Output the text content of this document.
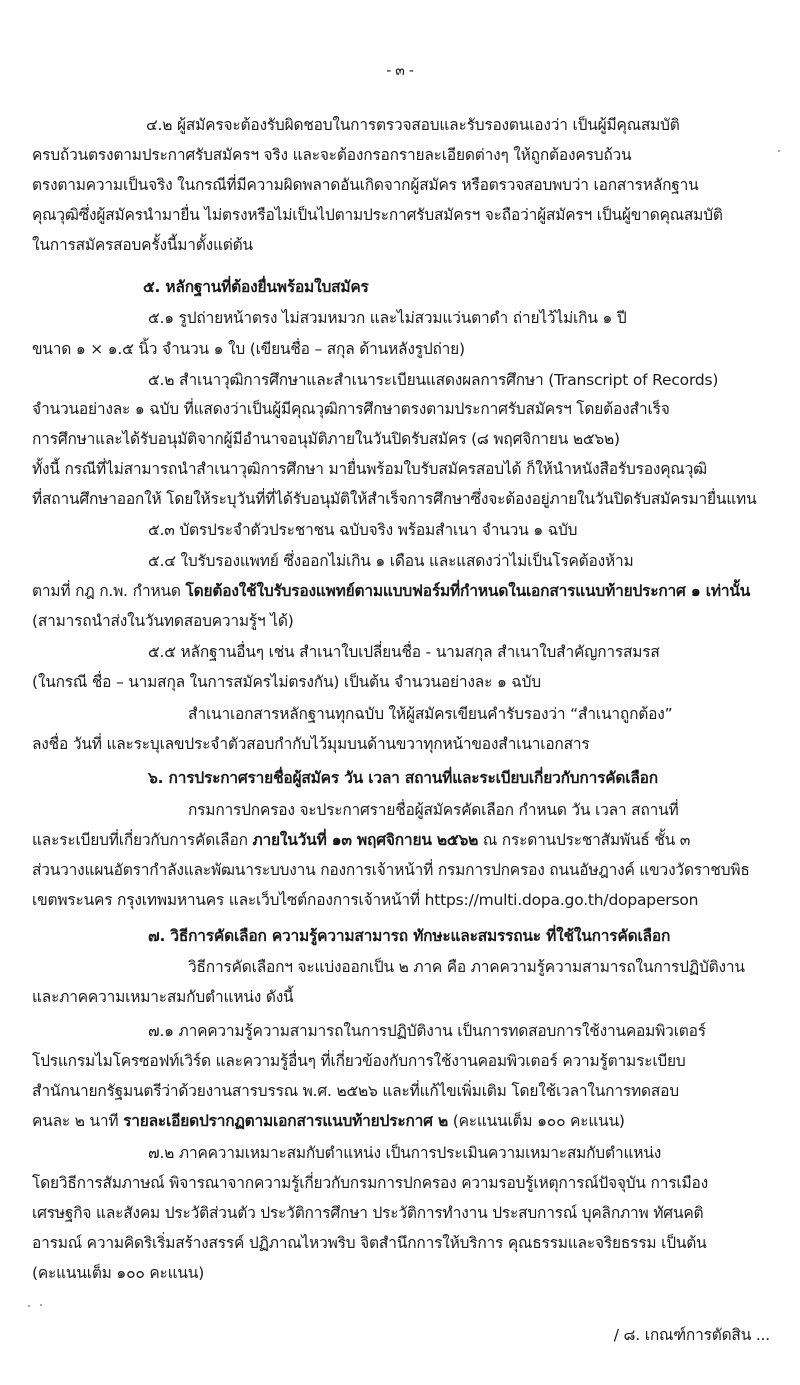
- ๓ -
๔.๒ ผู้สมัครจะต้องรับผิดชอบในการตรวจสอบและรับรองตนเองว่า เป็นผู้มีคุณสมบัติ
ครบถ้วนตรงตามประกาศรับสมัครฯ จริง และจะต้องกรอกรายละเอียดต่างๆ ให้ถูกต้องครบถ้วน
ตรงตามความเป็นจริง ในกรณีที่มีความผิดพลาดอันเกิดจากผู้สมัคร หรือตรวจสอบพบว่า เอกสารหลักฐาน
คุณวุฒิซึ่งผู้สมัครนำมายื่น ไม่ตรงหรือไม่เป็นไปตามประกาศรับสมัครฯ จะถือว่าผู้สมัครฯ เป็นผู้ขาดคุณสมบัติ
ในการสมัครสอบครั้งนี้มาตั้งแต่ต้น
๕. หลักฐานที่ต้องยื่นพร้อมใบสมัคร
๕.๑ รูปถ่ายหน้าตรง ไม่สวมหมวก และไม่สวมแว่นตาดำ ถ่ายไว้ไม่เกิน ๑ ปี
ขนาด ๑ × ๑.๕ นิ้ว จำนวน ๑ ใบ (เขียนชื่อ – สกุล ด้านหลังรูปถ่าย)
๕.๒ สำเนาวุฒิการศึกษาและสำเนาระเบียนแสดงผลการศึกษา (Transcript of Records)
จำนวนอย่างละ ๑ ฉบับ ที่แสดงว่าเป็นผู้มีคุณวุฒิการศึกษาตรงตามประกาศรับสมัครฯ โดยต้องสำเร็จ
การศึกษาและได้รับอนุมัติจากผู้มีอำนาจอนุมัติภายในวันปิดรับสมัคร (๘ พฤศจิกายน ๒๕๖๒)
ทั้งนี้ กรณีที่ไม่สามารถนำสำเนาวุฒิการศึกษา มายื่นพร้อมใบรับสมัครสอบได้ ก็ให้นำหนังสือรับรองคุณวุฒิ
ที่สถานศึกษาออกให้ โดยให้ระบุวันที่ที่ได้รับอนุมัติให้สำเร็จการศึกษาซึ่งจะต้องอยู่ภายในวันปิดรับสมัครมายื่นแทน
๕.๓ บัตรประจำตัวประชาชน ฉบับจริง พร้อมสำเนา จำนวน ๑ ฉบับ
๕.๔ ใบรับรองแพทย์ ซึ่งออกไม่เกิน ๑ เดือน และแสดงว่าไม่เป็นโรคต้องห้าม
ตามที่ กฎ ก.พ. กำหนด โดยต้องใช้ใบรับรองแพทย์ตามแบบฟอร์มที่กำหนดในเอกสารแนบท้ายประกาศ ๑ เท่านั้น
(สามารถนำส่งในวันทดสอบความรู้ฯ ได้)
๕.๕ หลักฐานอื่นๆ เช่น สำเนาใบเปลี่ยนชื่อ - นามสกุล สำเนาใบสำคัญการสมรส
(ในกรณี ชื่อ – นามสกุล ในการสมัครไม่ตรงกัน) เป็นต้น จำนวนอย่างละ ๑ ฉบับ
สำเนาเอกสารหลักฐานทุกฉบับ ให้ผู้สมัครเขียนคำรับรองว่า “สำเนาถูกต้อง”
ลงชื่อ วันที่ และระบุเลขประจำตัวสอบกำกับไว้มุมบนด้านขวาทุกหน้าของสำเนาเอกสาร
๖. การประกาศรายชื่อผู้สมัคร วัน เวลา สถานที่และระเบียบเกี่ยวกับการคัดเลือก
กรมการปกครอง จะประกาศรายชื่อผู้สมัครคัดเลือก กำหนด วัน เวลา สถานที่
และระเบียบที่เกี่ยวกับการคัดเลือก ภายในวันที่ ๑๓ พฤศจิกายน ๒๕๖๒ ณ กระดานประชาสัมพันธ์ ชั้น ๓
ส่วนวางแผนอัตรากำลังและพัฒนาระบบงาน กองการเจ้าหน้าที่ กรมการปกครอง ถนนอัษฎางค์ แขวงวัดราชบพิธ
เขตพระนคร กรุงเทพมหานคร และเว็บไซต์กองการเจ้าหน้าที่ https://multi.dopa.go.th/dopaperson
๗. วิธีการคัดเลือก ความรู้ความสามารถ ทักษะและสมรรถนะ ที่ใช้ในการคัดเลือก
วิธีการคัดเลือกฯ จะแบ่งออกเป็น ๒ ภาค คือ ภาคความรู้ความสามารถในการปฏิบัติงาน
และภาคความเหมาะสมกับตำแหน่ง ดังนี้
๗.๑ ภาคความรู้ความสามารถในการปฏิบัติงาน เป็นการทดสอบการใช้งานคอมพิวเตอร์
โปรแกรมไมโครซอฟท์เวิร์ด และความรู้อื่นๆ ที่เกี่ยวข้องกับการใช้งานคอมพิวเตอร์ ความรู้ตามระเบียบ
สำนักนายกรัฐมนตรีว่าด้วยงานสารบรรณ พ.ศ. ๒๕๒๖ และที่แก้ไขเพิ่มเติม โดยใช้เวลาในการทดสอบ
คนละ ๒ นาที รายละเอียดปรากฏตามเอกสารแนบท้ายประกาศ ๒ (คะแนนเต็ม ๑๐๐ คะแนน)
๗.๒ ภาคความเหมาะสมกับตำแหน่ง เป็นการประเมินความเหมาะสมกับตำแหน่ง
โดยวิธีการสัมภาษณ์ พิจารณาจากความรู้เกี่ยวกับกรมการปกครอง ความรอบรู้เหตุการณ์ปัจจุบัน การเมือง
เศรษฐกิจ และสังคม ประวัติส่วนตัว ประวัติการศึกษา ประวัติการทำงาน ประสบการณ์ บุคลิกภาพ ทัศนคติ
อารมณ์ ความคิดริเริ่มสร้างสรรค์ ปฏิภาณไหวพริบ จิตสำนึกการให้บริการ คุณธรรมและจริยธรรม เป็นต้น
(คะแนนเต็ม ๑๐๐ คะแนน)
/ ๘. เกณฑ์การตัดสิน ...
